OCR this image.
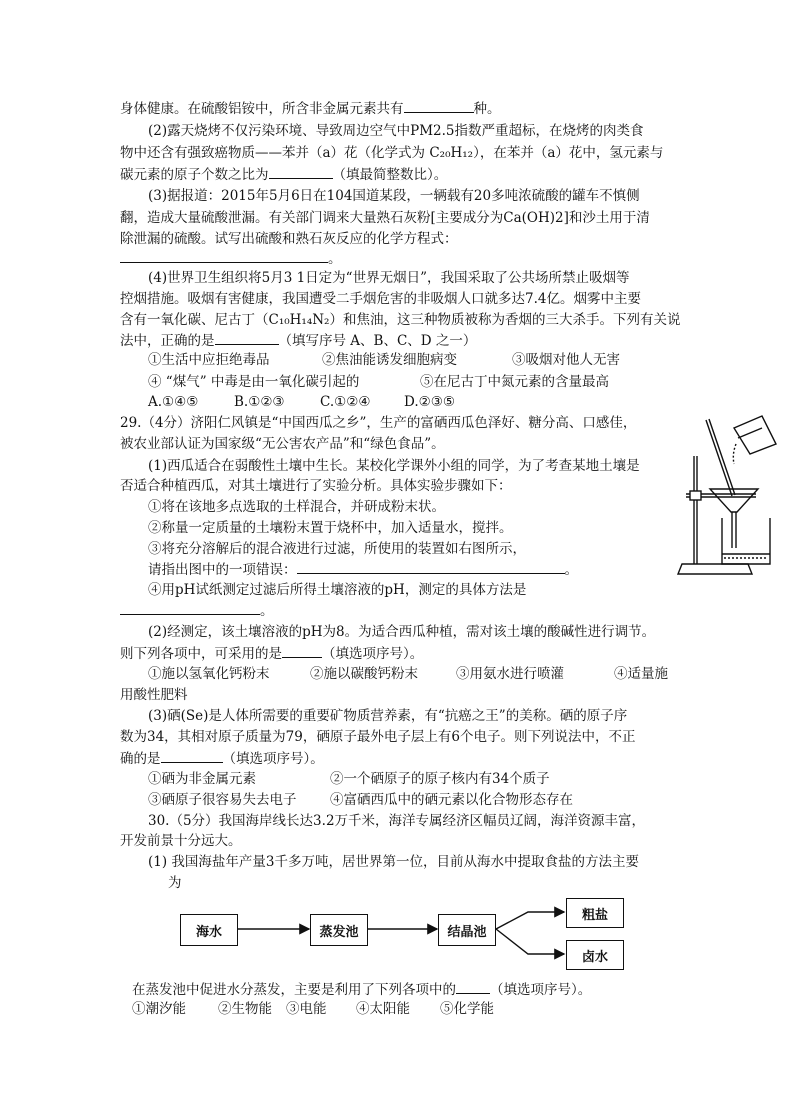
身体健康。在硫酸铝铵中，所含非金属元素共有	种。
(2)露天烧烤不仅污染环境、导致周边空气中PM2.5指数严重超标，在烧烤的肉类食
物中还含有强致癌物质——苯并（a）花（化学式为 C₂₀H₁₂），在苯并（a）花中，氢元素与
碳元素的原子个数之比为	（填最简整数比）。
(3)据报道：2015年5月6日在104国道某段，一辆载有20多吨浓硫酸的罐车不慎侧
翻，造成大量硫酸泄漏。有关部门调来大量熟石灰粉[主要成分为Ca(OH)2]和沙土用于清
除泄漏的硫酸。试写出硫酸和熟石灰反应的化学方程式：
。
(4)世界卫生组织将5月3 1日定为“世界无烟日”，我国采取了公共场所禁止吸烟等
控烟措施。吸烟有害健康，我国遭受二手烟危害的非吸烟人口就多达7.4亿。烟雾中主要
含有一氧化碳、尼古丁（C₁₀H₁₄N₂）和焦油，这三种物质被称为香烟的三大杀手。下列有关说
法中，正确的是	（填写序号 A、B、C、D 之一）
①生活中应拒绝毒品	②焦油能诱发细胞病变	③吸烟对他人无害
④ “煤气” 中毒是由一氧化碳引起的	⑤在尼古丁中氮元素的含量最高
A.①④⑤	B.①②③	C.①②④ D.②③⑤
29.（4分）济阳仁风镇是“中国西瓜之乡”，生产的富硒西瓜色泽好、糖分高、口感佳，
被农业部认证为国家级“无公害农产品”和“绿色食品”。
(1)西瓜适合在弱酸性土壤中生长。某校化学课外小组的同学，为了考查某地土壤是
否适合种植西瓜，对其土壤进行了实验分析。具体实验步骤如下：
①将在该地多点选取的土样混合，并研成粉末状。
②称量一定质量的土壤粉末置于烧杯中，加入适量水，搅拌。
③将充分溶解后的混合液进行过滤，所使用的装置如右图所示，
请指出图中的一项错误：	。
④用pH试纸测定过滤后所得土壤溶液的pH，测定的具体方法是
。
(2)经测定，该土壤溶液的pH为8。为适合西瓜种植，需对该土壤的酸碱性进行调节。
则下列各项中，可采用的是	（填选项序号）。
①施以氢氧化钙粉末	②施以碳酸钙粉末	③用氨水进行喷灌	④适量施
用酸性肥料
(3)硒(Se)是人体所需要的重要矿物质营养素，有“抗癌之王”的美称。硒的原子序
数为34，其相对原子质量为79，硒原子最外电子层上有6个电子。则下列说法中，不正
确的是	（填选项序号）。
①硒为非金属元素	②一个硒原子的原子核内有34个质子
③硒原子很容易失去电子 ④富硒西瓜中的硒元素以化合物形态存在
30.（5分）我国海岸线长达3.2万千米，海洋专属经济区幅员辽阔，海洋资源丰富，
开发前景十分远大。
(1) 我国海盐年产量3千多万吨，居世界第一位，目前从海水中提取食盐的方法主要
为
海水	蒸发池	结晶池
粗盐
卤水
在蒸发池中促进水分蒸发，主要是利用了下列各项中的	（填选项序号）。
①潮汐能 ②生物能 ③电能 ④太阳能 ⑤化学能
